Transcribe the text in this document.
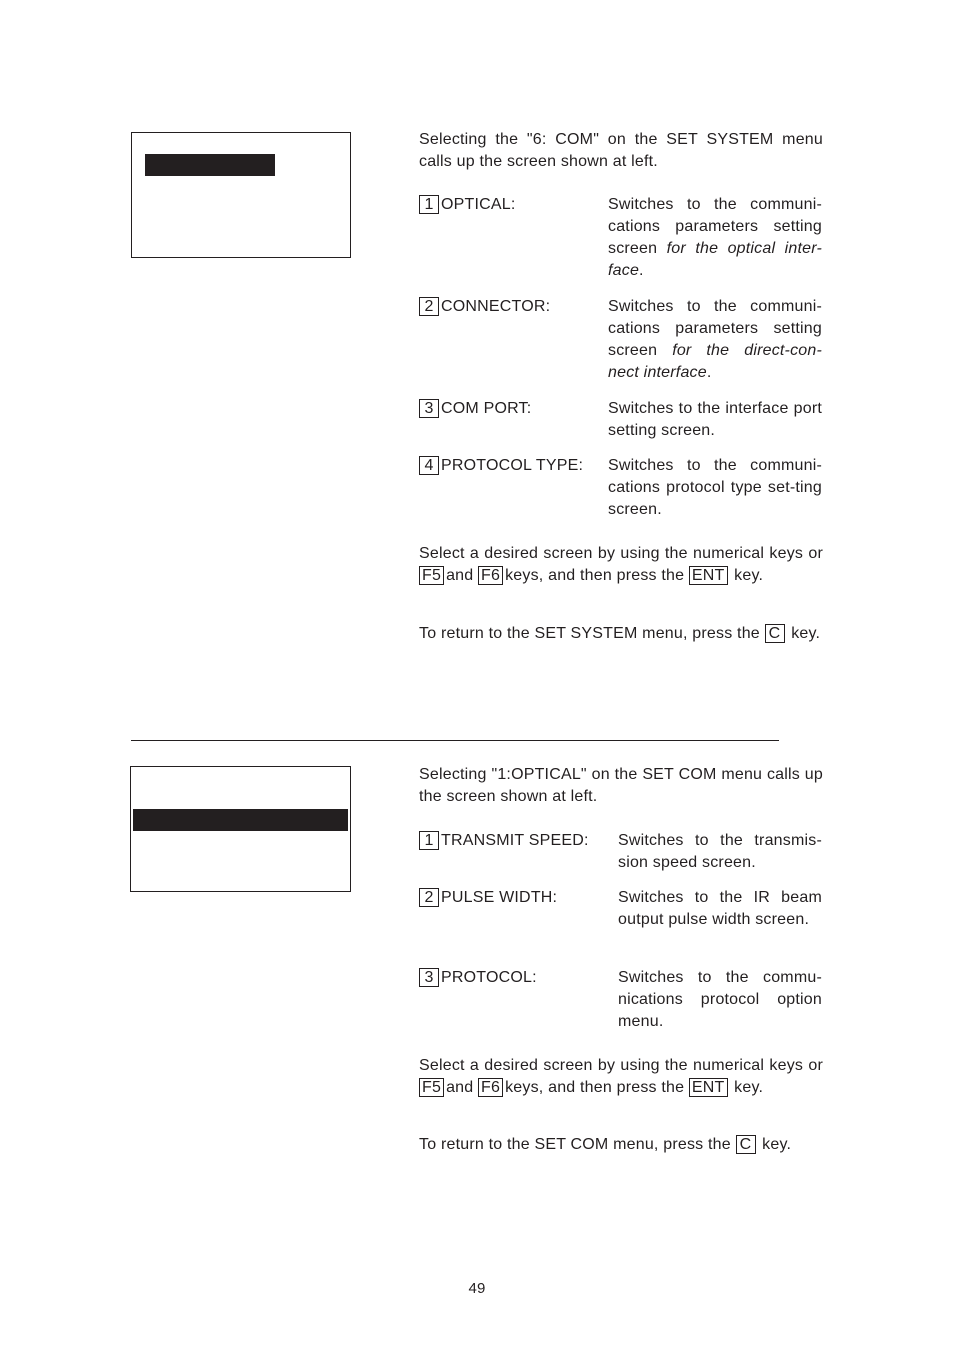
Selecting the "6: COM" on the SET SYSTEM menu calls up the screen shown at left.

1 OPTICAL:	Switches to the communi-cations parameters setting screen for the optical inter-face.

2 CONNECTOR:	Switches to the communi-cations parameters setting screen for the direct-con-nect interface.

3 COM PORT:	Switches to the interface port setting screen.

4 PROTOCOL TYPE: Switches to the communi-cations protocol type set-ting screen.

Select a desired screen by using the numerical keys or F5 and F6 keys, and then press the ENT key.

To return to the SET SYSTEM menu, press the C key.

Selecting "1:OPTICAL" on the SET COM menu calls up the screen shown at left.

1 TRANSMIT SPEED: Switches to the transmis-sion speed screen.

2 PULSE WIDTH:	Switches to the IR beam output pulse width screen.

3 PROTOCOL:	Switches to the commu-nications protocol option menu.

Select a desired screen by using the numerical keys or F5 and F6 keys, and then press the ENT key.

To return to the SET COM menu, press the C key.

49
